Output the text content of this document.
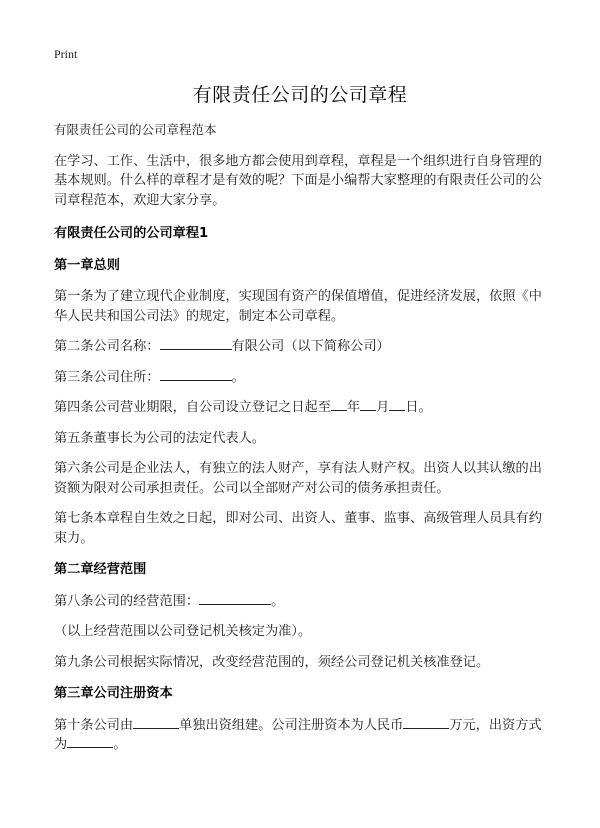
Print
有限责任公司的公司章程

有限责任公司的公司章程范本

在学习、工作、生活中，很多地方都会使用到章程，章程是一个组织进行自身管理的基本规则。什么样的章程才是有效的呢？下面是小编帮大家整理的有限责任公司的公司章程范本，欢迎大家分享。

有限责任公司的公司章程1
第一章总则

第一条为了建立现代企业制度，实现国有资产的保值增值，促进经济发展，依照《中华人民共和国公司法》的规定，制定本公司章程。

第二条公司名称：	有限公司（以下简称公司）

第三条公司住所：	。

第四条公司营业期限，自公司设立登记之日起至 年 月 日。

第五条董事长为公司的法定代表人。

第六条公司是企业法人，有独立的法人财产，享有法人财产权。出资人以其认缴的出资额为限对公司承担责任。公司以全部财产对公司的债务承担责任。

第七条本章程自生效之日起，即对公司、出资人、董事、监事、高级管理人员具有约束力。

第二章经营范围

第八条公司的经营范围：	。

（以上经营范围以公司登记机关核定为准）。

第九条公司根据实际情况，改变经营范围的，须经公司登记机关核准登记。

第三章公司注册资本

第十条公司由	单独出资组建。公司注册资本为人民币	万元，出资方式为	。
